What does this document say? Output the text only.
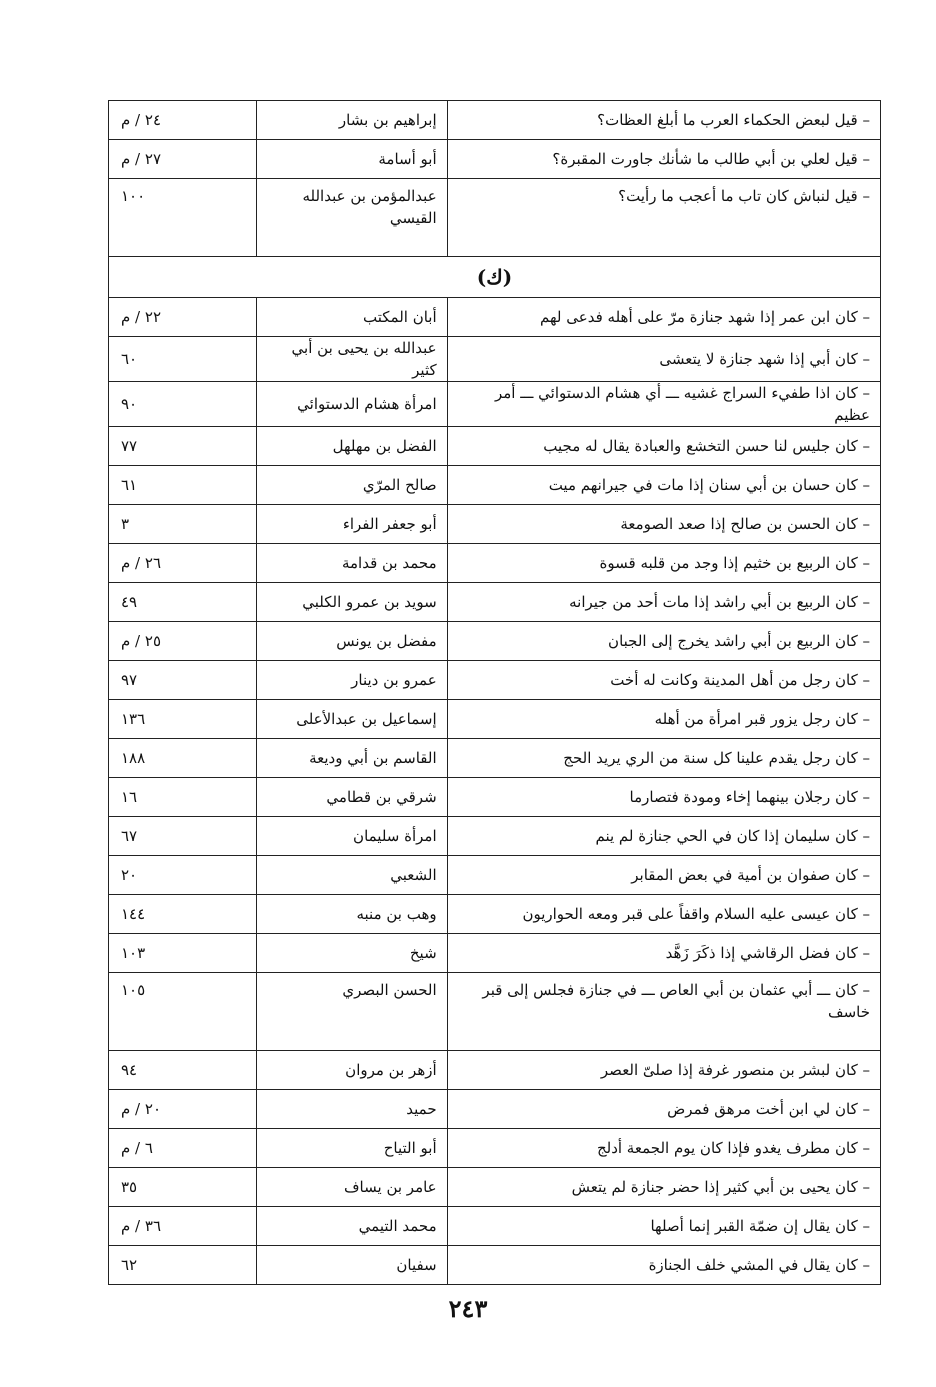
– قيل لبعض الحكماء العرب ما أبلغ العظات؟	إبراهيم بن بشار	٢٤ / م
– قيل لعلي بن أبي طالب ما شأنك جاورت المقبرة؟	أبو أسامة	٢٧ / م
– قيل لنباش كان تاب ما أعجب ما رأيت؟	عبدالمؤمن بن عبدالله القيسي	١٠٠
(ك)		
– كان ابن عمر إذا شهد جنازة مرّ على أهله فدعى لهم	أبان المكتب	٢٢ / م
– كان أبي إذا شهد جنازة لا يتعشى	عبدالله بن يحيى بن أبي كثير	٦٠
– كان اذا طفيء السراج غشيه ـــ أي هشام الدستوائي ـــ أمر عظيم	امرأة هشام الدستوائي	٩٠
– كان جليس لنا حسن التخشع والعبادة يقال له مجيب	الفضل بن مهلهل	٧٧
– كان حسان بن أبي سنان إذا مات في جيرانهم ميت	صالح المرّي	٦١
– كان الحسن بن صالح إذا صعد الصومعة	أبو جعفر الفراء	٣
– كان الربيع بن خثيم إذا وجد من قلبه قسوة	محمد بن قدامة	٢٦ / م
– كان الربيع بن أبي راشد إذا مات أحد من جيرانه	سويد بن عمرو الكلبي	٤٩
– كان الربيع بن أبي راشد يخرج إلى الجبان	مفضل بن يونس	٢٥ / م
– كان رجل من أهل المدينة وكانت له أخت	عمرو بن دينار	٩٧
– كان رجل يزور قبر امرأة من أهله	إسماعيل بن عبدالأعلى	١٣٦
– كان رجل يقدم علينا كل سنة من الري يريد الحج	القاسم بن أبي وديعة	١٨٨
– كان رجلان بينهما إخاء ومودة فتصارما	شرقي بن قطامي	١٦
– كان سليمان إذا كان في الحي جنازة لم ينم	امرأة سليمان	٦٧
– كان صفوان بن أمية في بعض المقابر	الشعبي	٢٠
– كان عيسى عليه السلام واقفاً على قبر ومعه الحواريون	وهب بن منبه	١٤٤
– كان فضل الرقاشي إذا ذكَرَ زَهَّد	شيخ	١٠٣
– كان ـــ أبي عثمان بن أبي العاص ـــ في جنازة فجلس إلى قبر خاسف	الحسن البصري	١٠٥
– كان لبشر بن منصور غرفة إذا صلىّ العصر	أزهر بن مروان	٩٤
– كان لي ابن أخت مرهق فمرض	حميد	٢٠ / م
– كان مطرف يغدو فإذا كان يوم الجمعة أدلج	أبو التياح	٦ / م
– كان يحيى بن أبي كثير إذا حضر جنازة لم يتعش	عامر بن يساف	٣٥
– كان يقال إن ضمّة القبر إنما أصلها	محمد التيمي	٣٦ / م
– كان يقال في المشي خلف الجنازة	سفيان	٦٢
٢٤٣
